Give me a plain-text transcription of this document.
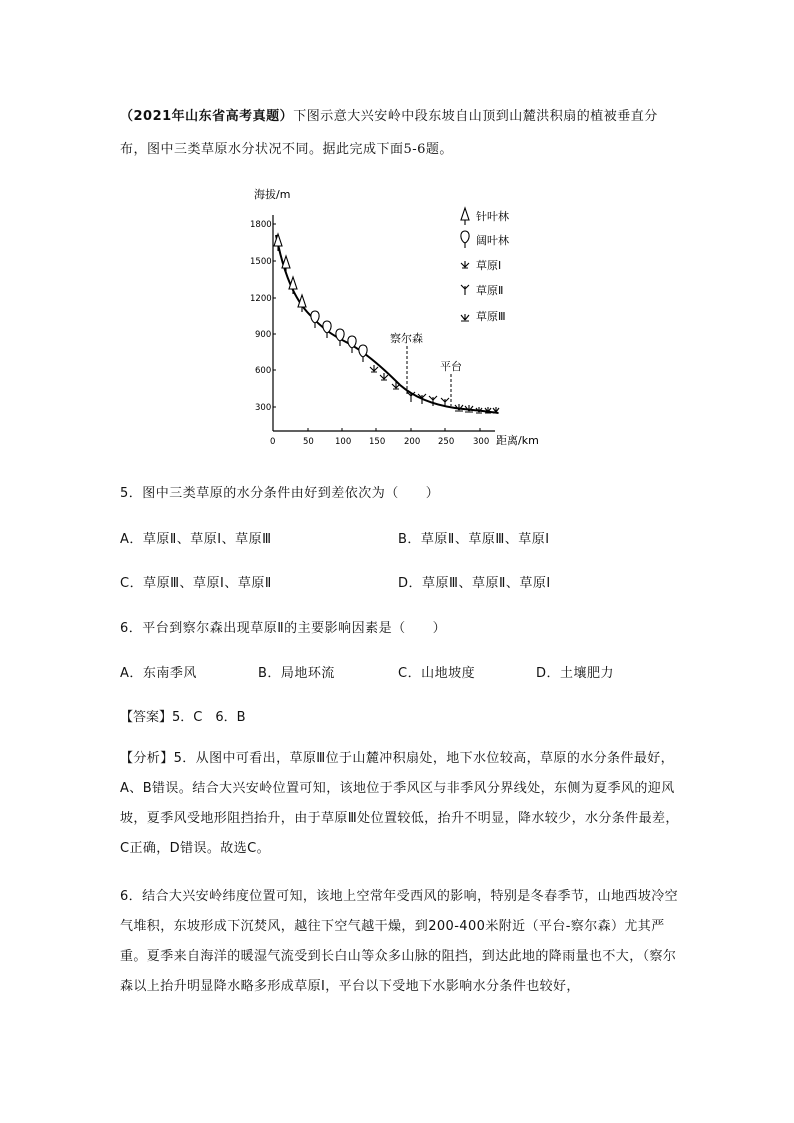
（2021年山东省高考真题）下图示意大兴安岭中段东坡自山顶到山麓洪积扇的植被垂直分布，图中三类草原水分状况不同。据此完成下面5-6题。
海拔/m
距离/km
1800
1500
1200
900
600
300
0	50 100 150 200 250 300
察尔森
平台
针叶林
阔叶林
草原Ⅰ
草原Ⅱ
草原Ⅲ
5．图中三类草原的水分条件由好到差依次为（　　）
A．草原Ⅱ、草原Ⅰ、草原Ⅲ	B．草原Ⅱ、草原Ⅲ、草原Ⅰ
C．草原Ⅲ、草原Ⅰ、草原Ⅱ	D．草原Ⅲ、草原Ⅱ、草原Ⅰ
6．平台到察尔森出现草原Ⅱ的主要影响因素是（　　）
A．东南季风	B．局地环流	C．山地坡度	D．土壤肥力
【答案】5．C　6．B
【分析】5．从图中可看出，草原Ⅲ位于山麓冲积扇处，地下水位较高，草原的水分条件最好，A、B错误。结合大兴安岭位置可知，该地位于季风区与非季风分界线处，东侧为夏季风的迎风坡，夏季风受地形阻挡抬升，由于草原Ⅲ处位置较低，抬升不明显，降水较少，水分条件最差，C正确，D错误。故选C。
6．结合大兴安岭纬度位置可知，该地上空常年受西风的影响，特别是冬春季节，山地西坡冷空气堆积，东坡形成下沉焚风，越往下空气越干燥，到200-400米附近（平台-察尔森）尤其严重。夏季来自海洋的暖湿气流受到长白山等众多山脉的阻挡，到达此地的降雨量也不大，（察尔森以上抬升明显降水略多形成草原Ⅰ，平台以下受地下水影响水分条件也较好，
